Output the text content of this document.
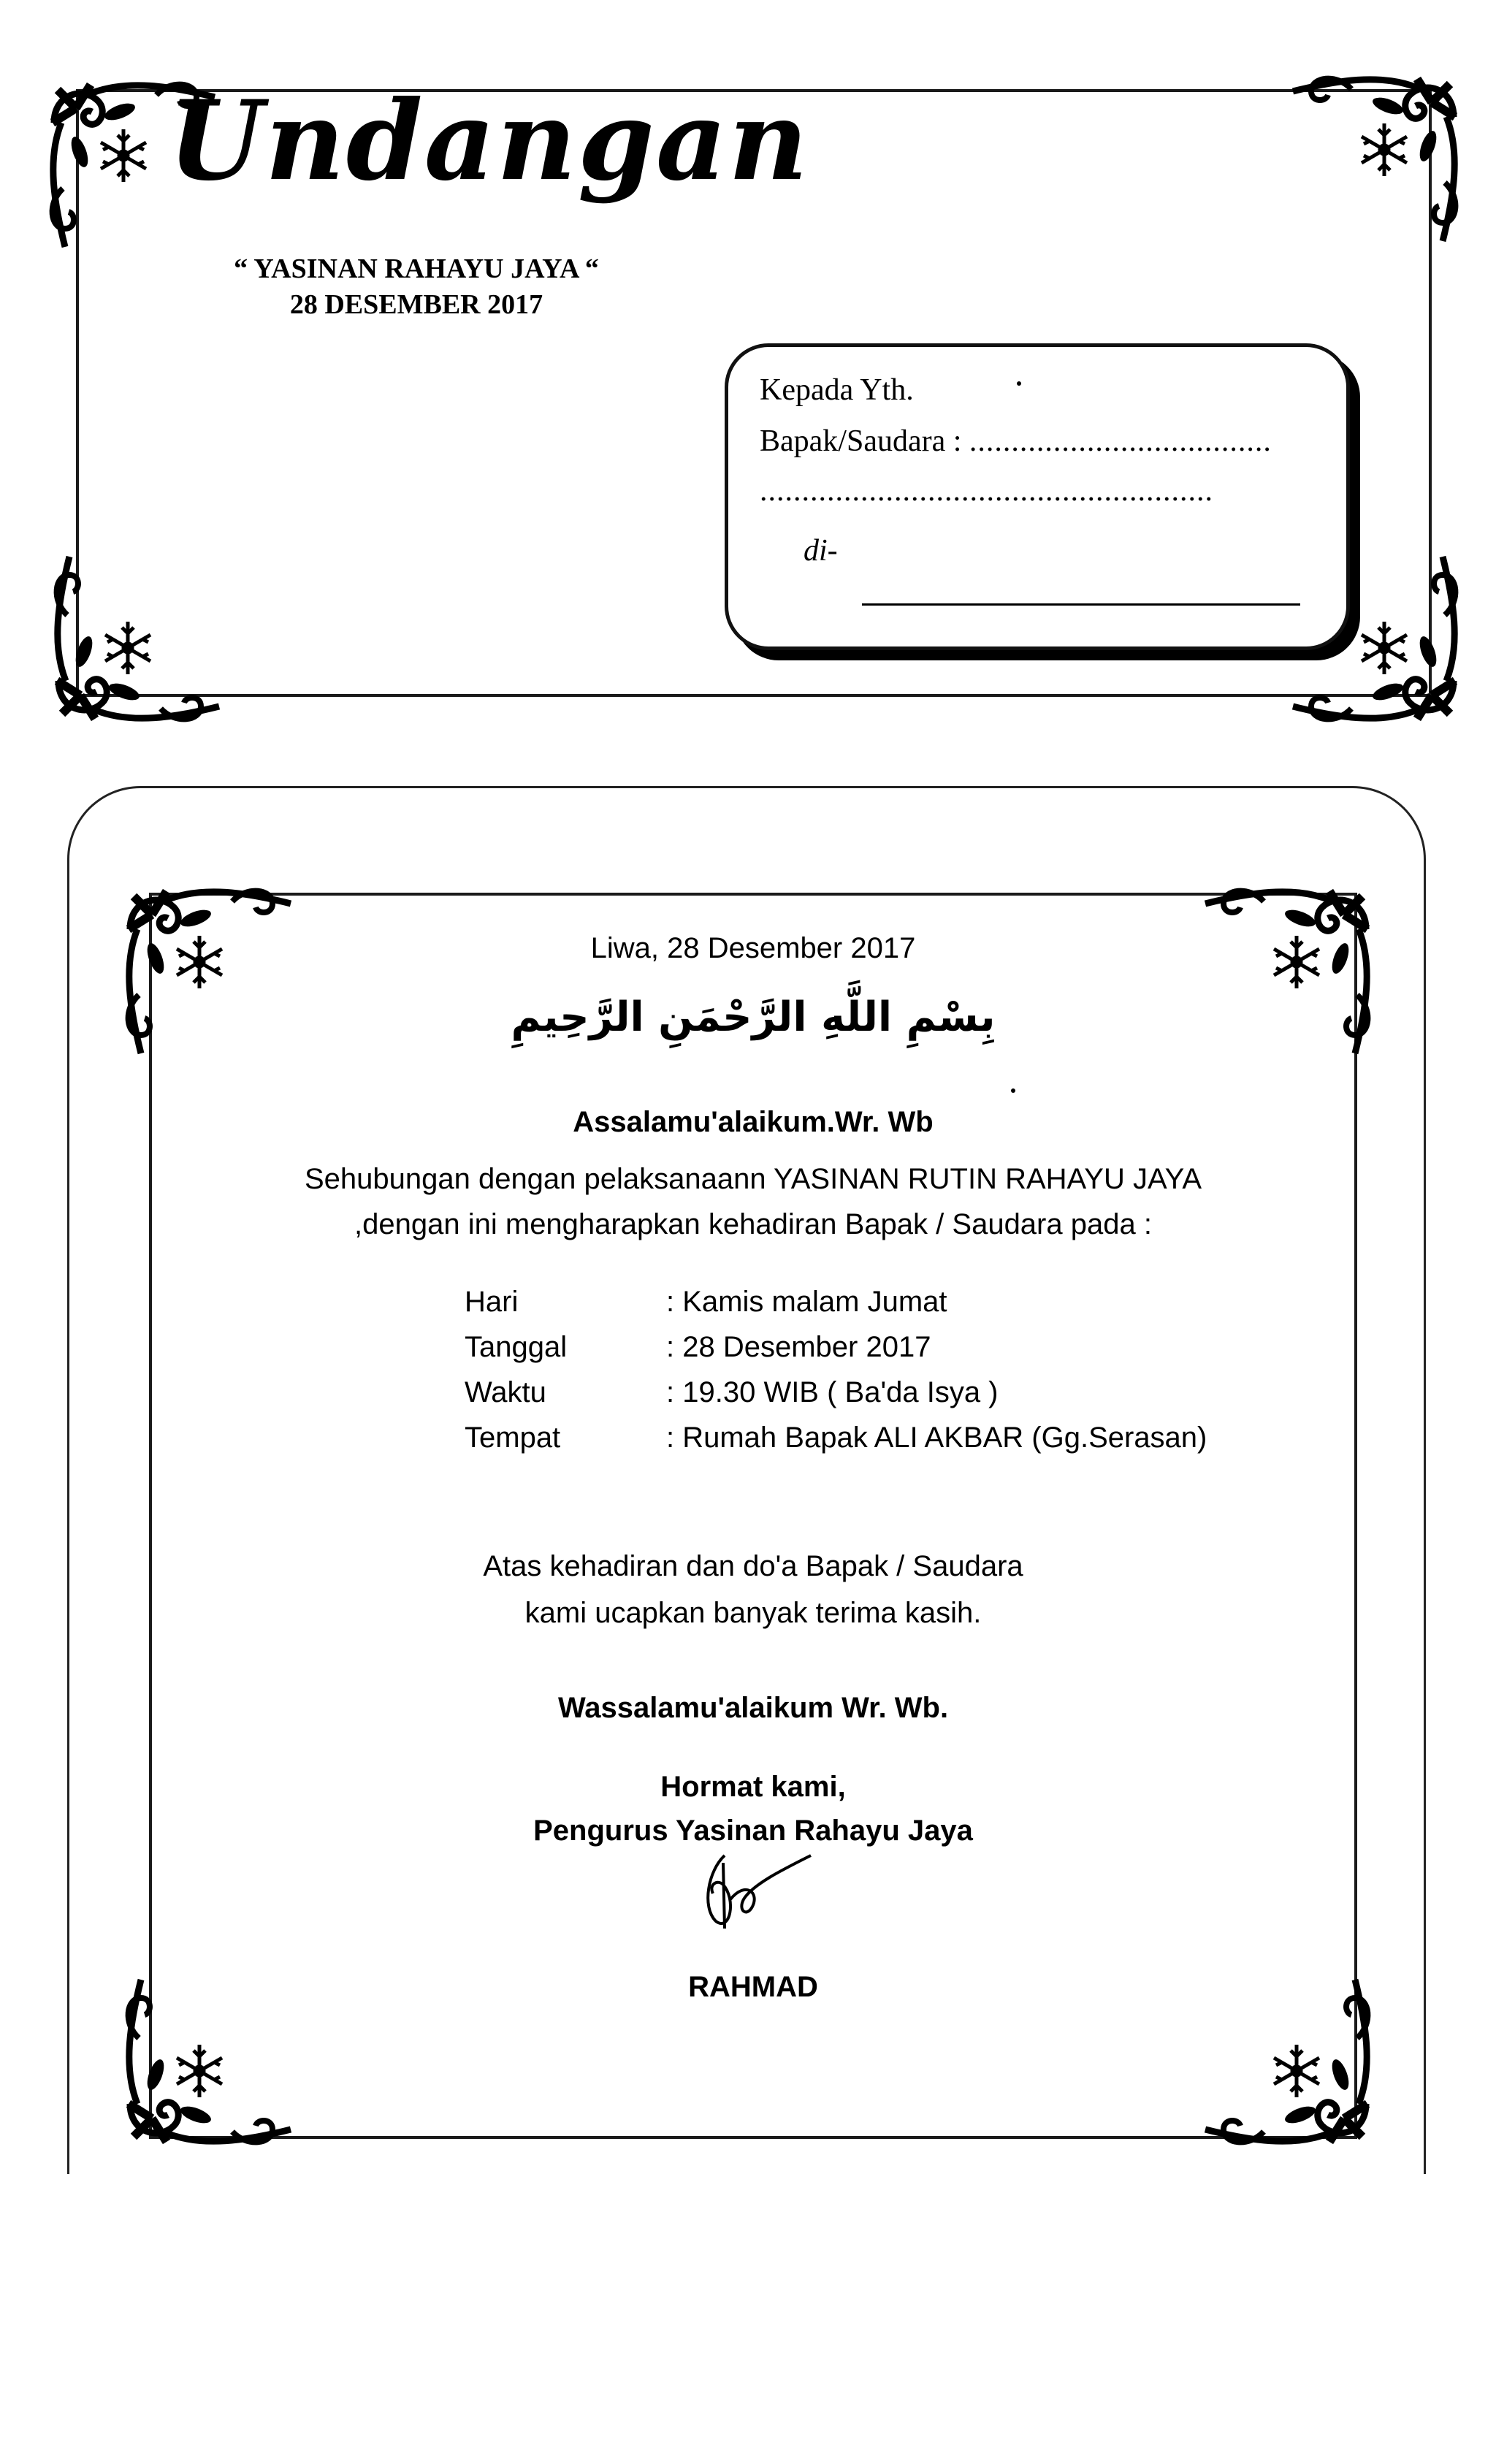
Undangan
“ YASINAN RAHAYU JAYA “
28 DESEMBER 2017
Kepada Yth.
Bapak/Saudara : ....................................
......................................................
di-
Liwa, 28 Desember 2017
بِسْمِ اللَّهِ الرَّحْمَنِ الرَّحِيمِ
Assalamu'alaikum.Wr. Wb
Sehubungan dengan pelaksanaann YASINAN RUTIN RAHAYU JAYA
,dengan ini mengharapkan kehadiran Bapak / Saudara pada :
Hari	: Kamis malam Jumat
Tanggal	: 28 Desember 2017
Waktu	: 19.30 WIB ( Ba'da Isya )
Tempat	: Rumah Bapak ALI AKBAR (Gg.Serasan)
Atas kehadiran dan do'a Bapak / Saudara
kami ucapkan banyak terima kasih.
Wassalamu'alaikum Wr. Wb.
Hormat kami,
Pengurus Yasinan Rahayu Jaya
RAHMAD
